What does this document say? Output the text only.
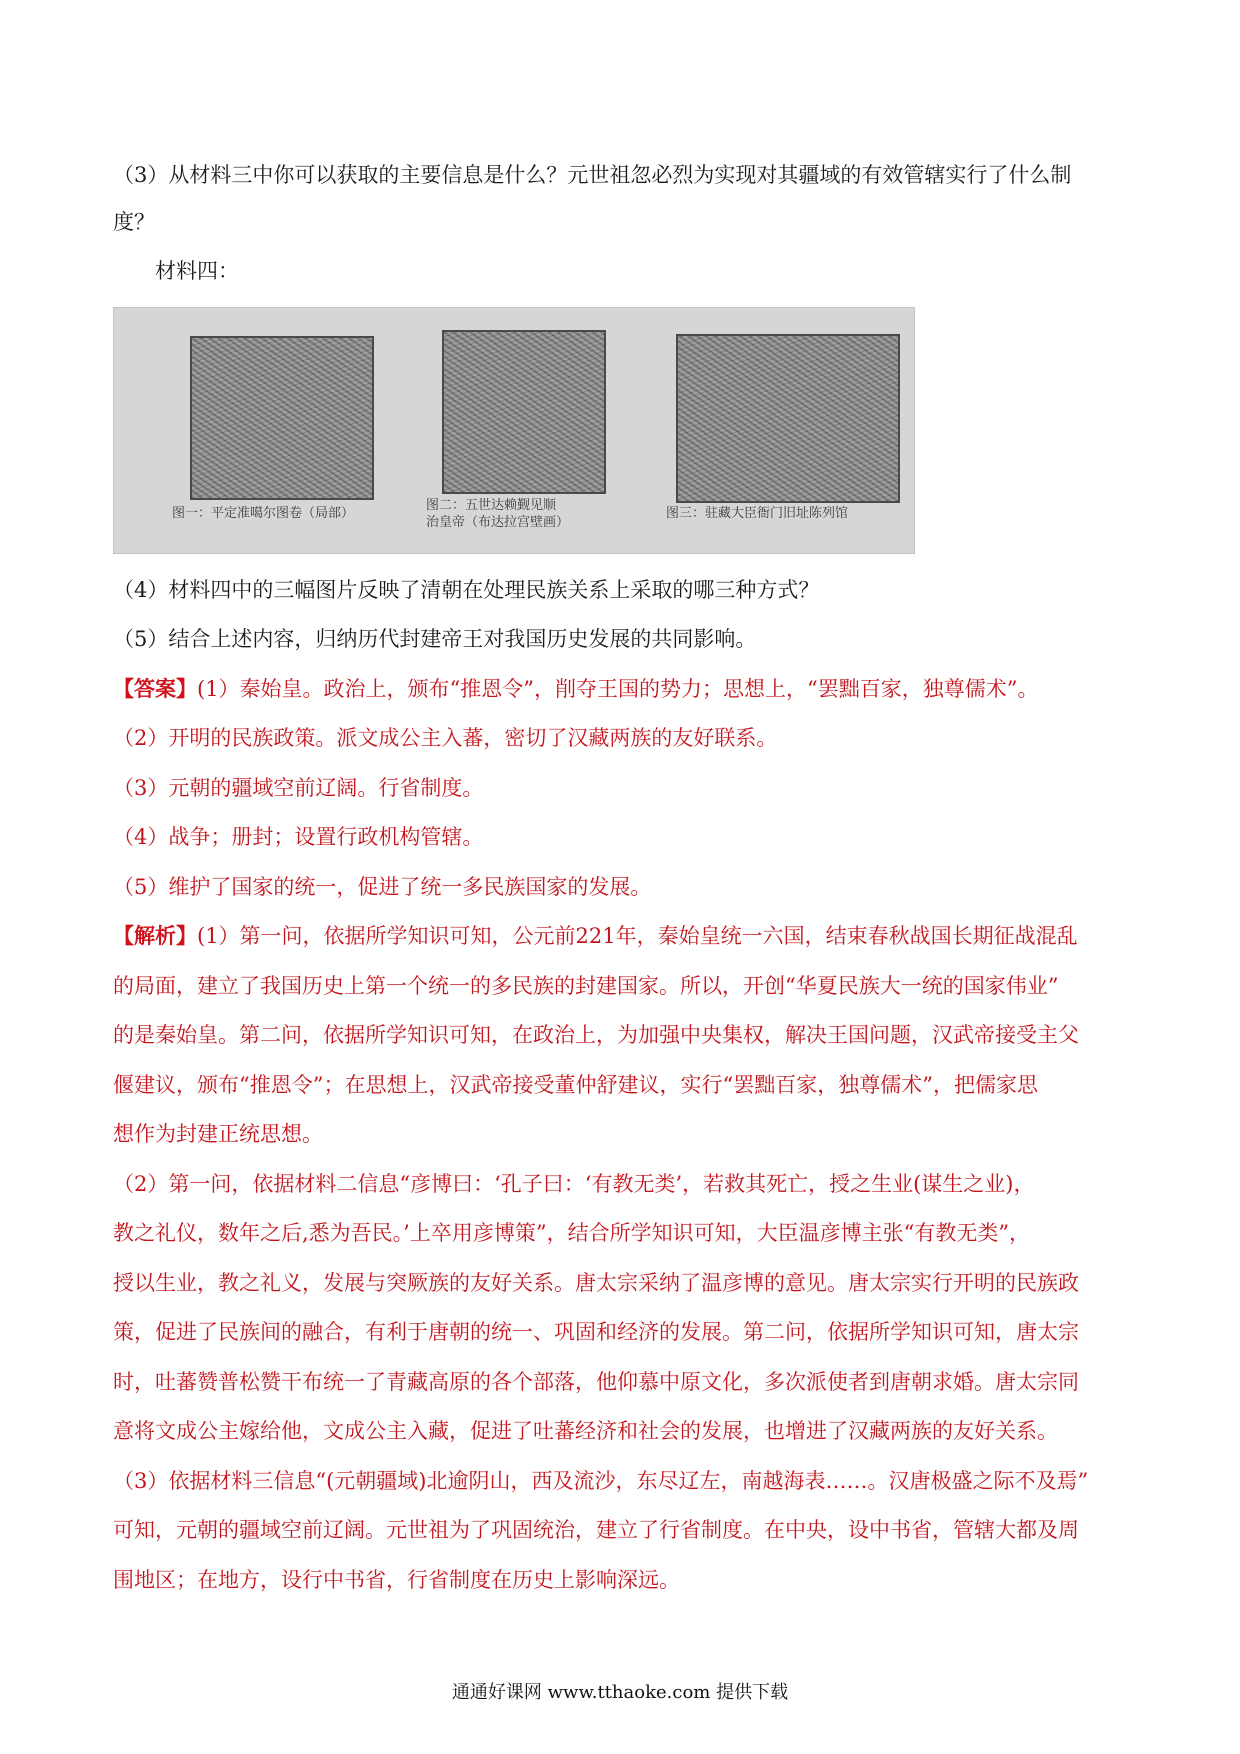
（3）从材料三中你可以获取的主要信息是什么？元世祖忽必烈为实现对其疆域的有效管辖实行了什么制
度？
材料四：
图一：平定准噶尔图卷（局部）
图二：五世达赖觐见顺
治皇帝（布达拉宫壁画）
图三：驻藏大臣衙门旧址陈列馆
（4）材料四中的三幅图片反映了清朝在处理民族关系上采取的哪三种方式？
（5）结合上述内容，归纳历代封建帝王对我国历史发展的共同影响。
【答案】(1）秦始皇。政治上，颁布“推恩令”，削夺王国的势力；思想上，“罢黜百家，独尊儒术”。
（2）开明的民族政策。派文成公主入蕃，密切了汉藏两族的友好联系。
（3）元朝的疆域空前辽阔。行省制度。
（4）战争；册封；设置行政机构管辖。
（5）维护了国家的统一，促进了统一多民族国家的发展。
【解析】(1）第一问，依据所学知识可知，公元前221年，秦始皇统一六国，结束春秋战国长期征战混乱
的局面，建立了我国历史上第一个统一的多民族的封建国家。所以，开创“华夏民族大一统的国家伟业”
的是秦始皇。第二问，依据所学知识可知，在政治上，为加强中央集权，解决王国问题，汉武帝接受主父
偃建议，颁布“推恩令”；在思想上，汉武帝接受董仲舒建议，实行“罢黜百家，独尊儒术”，把儒家思
想作为封建正统思想。
（2）第一问，依据材料二信息“彦博曰：‘孔子曰：‘有教无类’，若救其死亡，授之生业(谋生之业)，
教之礼仪，数年之后,悉为吾民。’上卒用彦博策”，结合所学知识可知，大臣温彦博主张“有教无类”，
授以生业，教之礼义，发展与突厥族的友好关系。唐太宗采纳了温彦博的意见。唐太宗实行开明的民族政
策，促进了民族间的融合，有利于唐朝的统一、巩固和经济的发展。第二问，依据所学知识可知，唐太宗
时，吐蕃赞普松赞干布统一了青藏高原的各个部落，他仰慕中原文化，多次派使者到唐朝求婚。唐太宗同
意将文成公主嫁给他，文成公主入藏，促进了吐蕃经济和社会的发展，也增进了汉藏两族的友好关系。
（3）依据材料三信息“(元朝疆域)北逾阴山，西及流沙，东尽辽左，南越海表……。汉唐极盛之际不及焉”
可知，元朝的疆域空前辽阔。元世祖为了巩固统治，建立了行省制度。在中央，设中书省，管辖大都及周
围地区；在地方，设行中书省，行省制度在历史上影响深远。
通通好课网 www.tthaoke.com 提供下载
